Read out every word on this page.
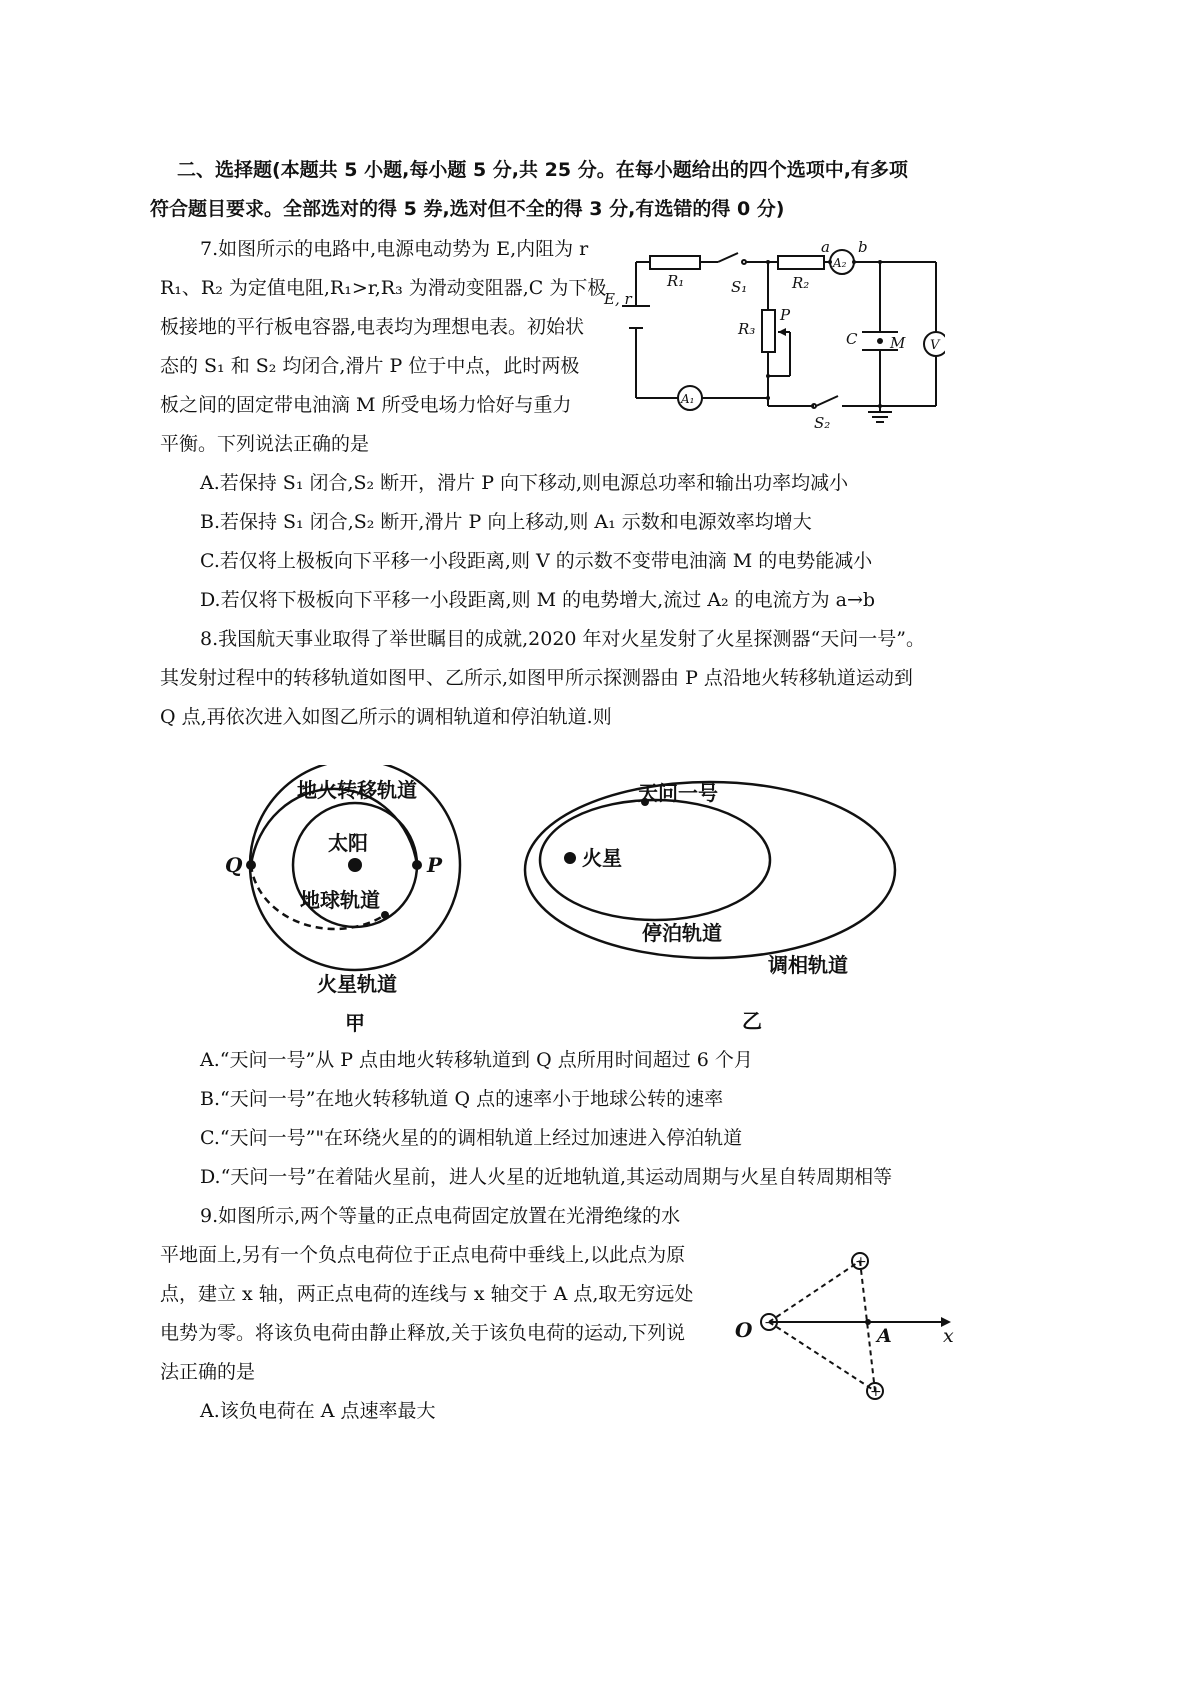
二、选择题(本题共 5 小题,每小题 5 分,共 25 分。在每小题给出的四个选项中,有多项
符合题目要求。全部选对的得 5 券,选对但不全的得 3 分,有选错的得 0 分)
7.如图所示的电路中,电源电动势为 E,内阻为 r
R₁、R₂ 为定值电阻,R₁>r,R₃ 为滑动变阻器,C 为下极
板接地的平行板电容器,电表均为理想电表。初始状
态的 S₁ 和 S₂ 均闭合,滑片 P 位于中点，此时两极
板之间的固定带电油滴 M 所受电场力恰好与重力
平衡。下列说法正确的是
E, r
R₁	S₁	R₂
a
A₂
b
R₃
P
C M V
A₁
S₂
A.若保持 S₁ 闭合,S₂ 断开，滑片 P 向下移动,则电源总功率和输出功率均减小
B.若保持 S₁ 闭合,S₂ 断开,滑片 P 向上移动,则 A₁ 示数和电源效率均增大
C.若仅将上极板向下平移一小段距离,则 V 的示数不变带电油滴 M 的电势能减小
D.若仅将下极板向下平移一小段距离,则 M 的电势增大,流过 A₂ 的电流方为 a→b
8.我国航天事业取得了举世瞩目的成就,2020 年对火星发射了火星探测器“天问一号”。
其发射过程中的转移轨道如图甲、乙所示,如图甲所示探测器由 P 点沿地火转移轨道运动到
Q 点,再依次进入如图乙所示的调相轨道和停泊轨道.则
地火转移轨道
太阳
地球轨道
火星轨道
Q	P
甲
天问一号
火星
停泊轨道
调相轨道
乙
A.“天问一号”从 P 点由地火转移轨道到 Q 点所用时间超过 6 个月
B.“天问一号”在地火转移轨道 Q 点的速率小于地球公转的速率
C.“天问一号”"在环绕火星的的调相轨道上经过加速进入停泊轨道
D.“天问一号”在着陆火星前，进人火星的近地轨道,其运动周期与火星自转周期相等
9.如图所示,两个等量的正点电荷固定放置在光滑绝缘的水
平地面上,另有一个负点电荷位于正点电荷中垂线上,以此点为原
点，建立 x 轴，两正点电荷的连线与 x 轴交于 A 点,取无穷远处
电势为零。将该负电荷由静止释放,关于该负电荷的运动,下列说
法正确的是
+
+
−
O	A	x
A.该负电荷在 A 点速率最大
